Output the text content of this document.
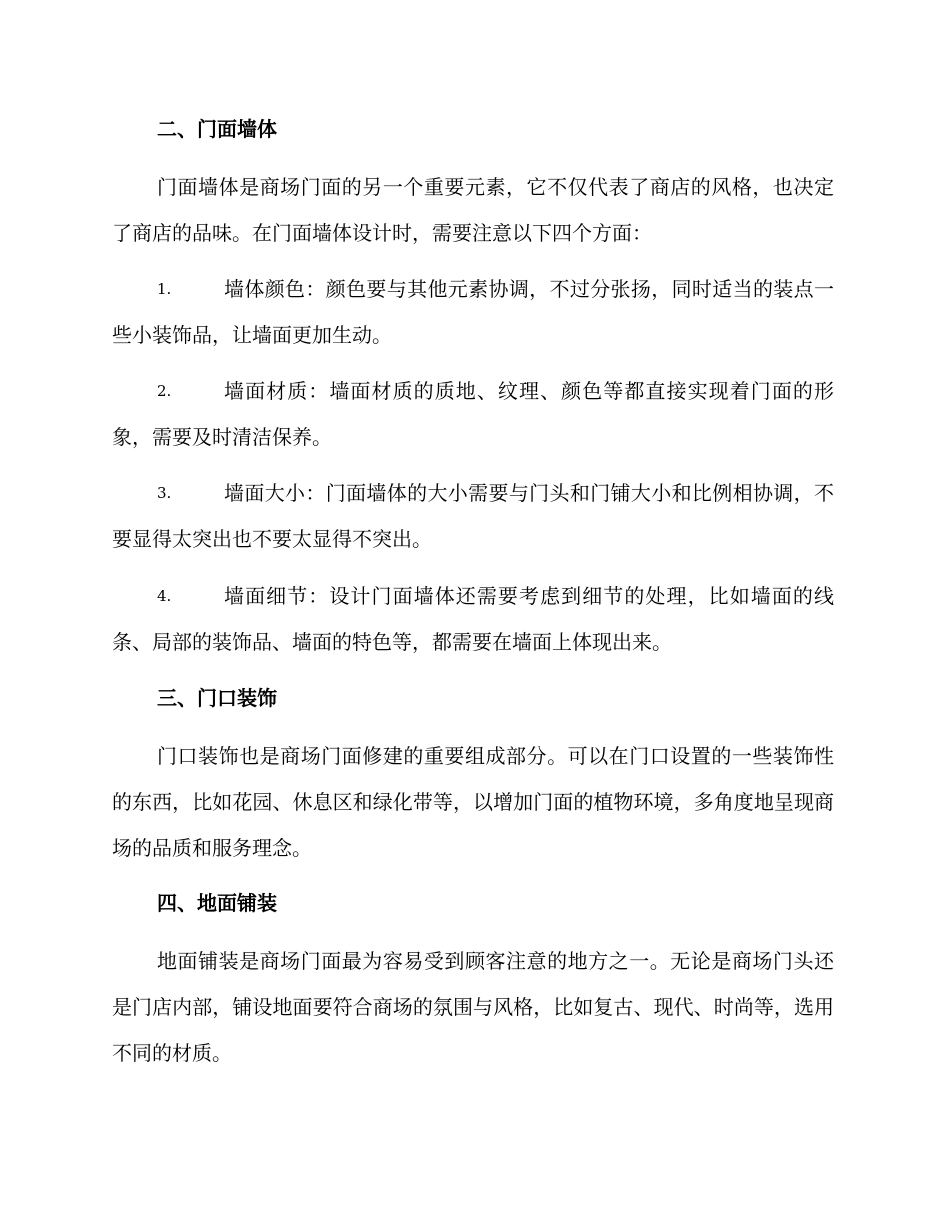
二、门面墙体
门面墙体是商场门面的另一个重要元素，它不仅代表了商店的风格，也决定了商店的品味。在门面墙体设计时，需要注意以下四个方面：
1.	墙体颜色：颜色要与其他元素协调，不过分张扬，同时适当的装点一些小装饰品，让墙面更加生动。
2.	墙面材质：墙面材质的质地、纹理、颜色等都直接实现着门面的形象，需要及时清洁保养。
3.	墙面大小：门面墙体的大小需要与门头和门铺大小和比例相协调，不要显得太突出也不要太显得不突出。
4.	墙面细节：设计门面墙体还需要考虑到细节的处理，比如墙面的线条、局部的装饰品、墙面的特色等，都需要在墙面上体现出来。
三、门口装饰
门口装饰也是商场门面修建的重要组成部分。可以在门口设置的一些装饰性的东西，比如花园、休息区和绿化带等，以增加门面的植物环境，多角度地呈现商场的品质和服务理念。
四、地面铺装
地面铺装是商场门面最为容易受到顾客注意的地方之一。无论是商场门头还是门店内部，铺设地面要符合商场的氛围与风格，比如复古、现代、时尚等，选用不同的材质。
